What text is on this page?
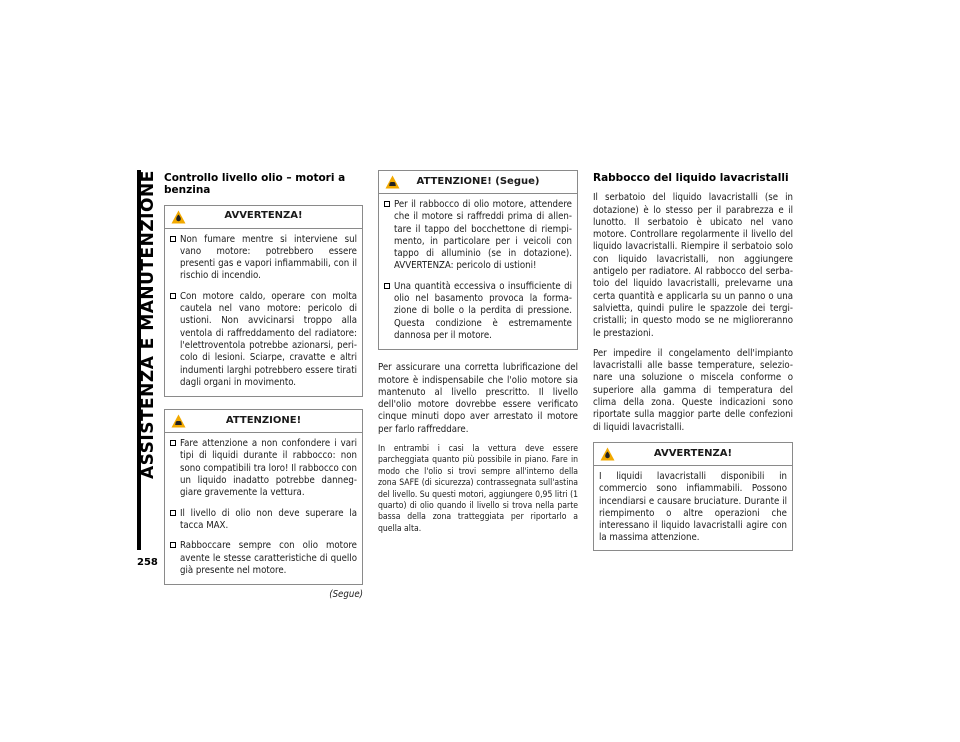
ASSISTENZA E MANUTENZIONE
258
Controllo livello olio – motori a benzina
AVVERTENZA!
Non fumare mentre si interviene sul vano motore: potrebbero essere presenti gas e vapori infiammabili, con il rischio di incendio.
Con motore caldo, operare con molta cautela nel vano motore: pericolo di ustioni. Non avvicinarsi troppo alla ventola di raffreddamento del radiatore: l'elettroventola potrebbe azionarsi, peri-colo di lesioni. Sciarpe, cravatte e altri indumenti larghi potrebbero essere tirati dagli organi in movimento.
ATTENZIONE!
Fare attenzione a non confondere i vari tipi di liquidi durante il rabbocco: non sono compatibili tra loro! Il rabbocco con un liquido inadatto potrebbe danneg-giare gravemente la vettura.
Il livello di olio non deve superare la tacca MAX.
Rabboccare sempre con olio motore avente le stesse caratteristiche di quello già presente nel motore.
(Segue)
ATTENZIONE! (Segue)
Per il rabbocco di olio motore, attendere che il motore si raffreddi prima di allen-tare il tappo del bocchettone di riempi-mento, in particolare per i veicoli con tappo di alluminio (se in dotazione). AVVERTENZA: pericolo di ustioni!
Una quantità eccessiva o insufficiente di olio nel basamento provoca la forma-zione di bolle o la perdita di pressione. Questa condizione è estremamente dannosa per il motore.

Per assicurare una corretta lubrificazione del motore è indispensabile che l'olio motore sia mantenuto al livello prescritto. Il livello dell'olio motore dovrebbe essere verificato cinque minuti dopo aver arrestato il motore per farlo raffreddare.

In entrambi i casi la vettura deve essere parcheggiata quanto più possibile in piano. Fare in modo che l'olio si trovi sempre all'interno della zona SAFE (di sicurezza) contrassegnata sull'astina del livello. Su questi motori, aggiungere 0,95 litri (1 quarto) di olio quando il livello si trova nella parte bassa della zona tratteggiata per riportarlo a quella alta.

Rabbocco del liquido lavacristalli

Il serbatoio del liquido lavacristalli (se in dotazione) è lo stesso per il parabrezza e il lunotto. Il serbatoio è ubicato nel vano motore. Controllare regolarmente il livello del liquido lavacristalli. Riempire il serbatoio solo con liquido lavacristalli, non aggiungere antigelo per radiatore. Al rabbocco del serba-toio del liquido lavacristalli, prelevarne una certa quantità e applicarla su un panno o una salvietta, quindi pulire le spazzole dei tergi-cristalli; in questo modo se ne miglioreranno le prestazioni.

Per impedire il congelamento dell'impianto lavacristalli alle basse temperature, selezio-nare una soluzione o miscela conforme o superiore alla gamma di temperatura del clima della zona. Queste indicazioni sono riportate sulla maggior parte delle confezioni di liquidi lavacristalli.

AVVERTENZA!
I liquidi lavacristalli disponibili in commercio sono infiammabili. Possono incendiarsi e causare bruciature. Durante il riempimento o altre operazioni che interessano il liquido lavacristalli agire con la massima attenzione.
